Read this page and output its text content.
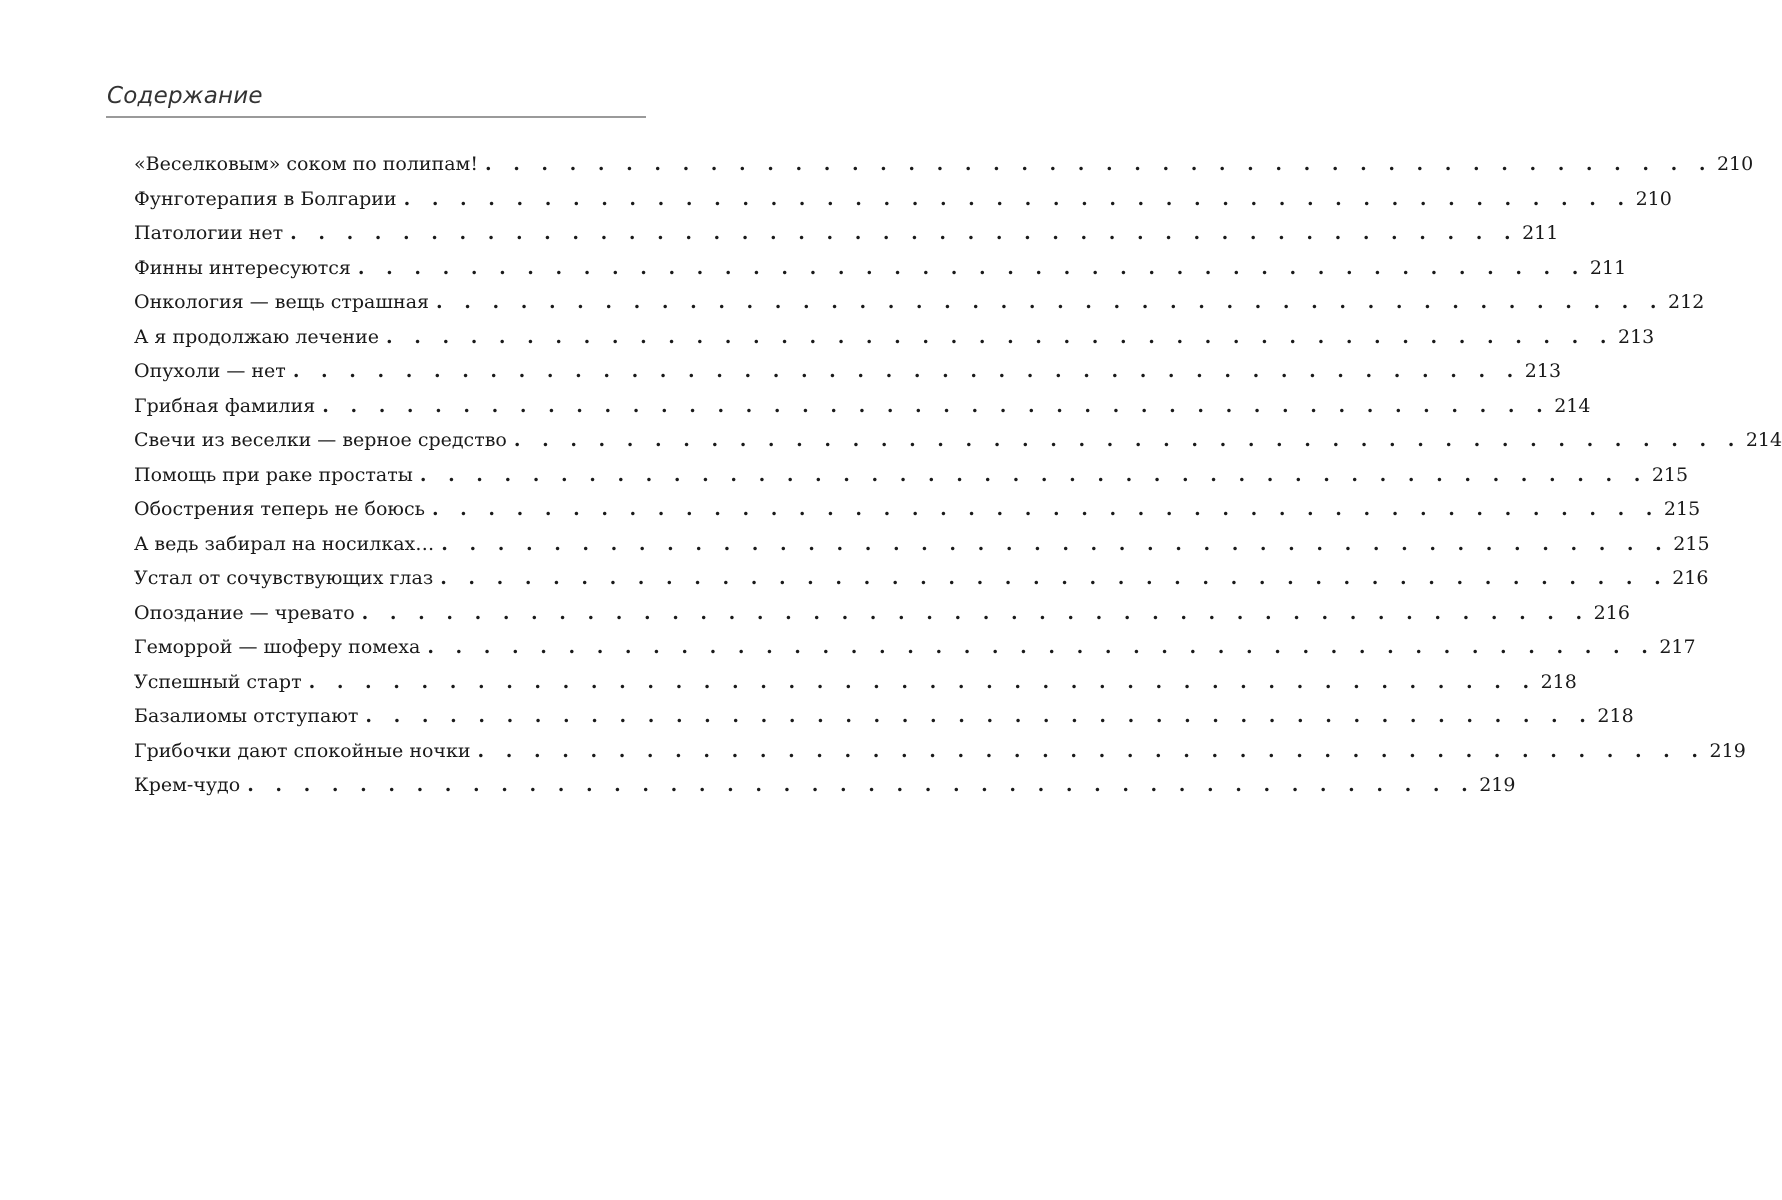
Содержание
«Веселковым» соком по полипам! . . . . . . . . . . . . . . . . . . . . . . . . . . . . . . . . . . . . . . . . . . . . 210
Фунготерапия в Болгарии . . . . . . . . . . . . . . . . . . . . . . . . . . . . . . . . . . . . . . . . . . . . 210
Патологии нет . . . . . . . . . . . . . . . . . . . . . . . . . . . . . . . . . . . . . . . . . . . . 211
Финны интересуются . . . . . . . . . . . . . . . . . . . . . . . . . . . . . . . . . . . . . . . . . . . . 211
Онкология — вещь страшная . . . . . . . . . . . . . . . . . . . . . . . . . . . . . . . . . . . . . . . . . . . . 212
А я продолжаю лечение . . . . . . . . . . . . . . . . . . . . . . . . . . . . . . . . . . . . . . . . . . . . 213
Опухоли — нет . . . . . . . . . . . . . . . . . . . . . . . . . . . . . . . . . . . . . . . . . . . . 213
Грибная фамилия . . . . . . . . . . . . . . . . . . . . . . . . . . . . . . . . . . . . . . . . . . . . 214
Свечи из веселки — верное средство . . . . . . . . . . . . . . . . . . . . . . . . . . . . . . . . . . . . . . . . . . . . 214
Помощь при раке простаты . . . . . . . . . . . . . . . . . . . . . . . . . . . . . . . . . . . . . . . . . . . . 215
Обострения теперь не боюсь . . . . . . . . . . . . . . . . . . . . . . . . . . . . . . . . . . . . . . . . . . . . 215
А ведь забирал на носилках… . . . . . . . . . . . . . . . . . . . . . . . . . . . . . . . . . . . . . . . . . . . . 215
Устал от сочувствующих глаз . . . . . . . . . . . . . . . . . . . . . . . . . . . . . . . . . . . . . . . . . . . . 216
Опоздание — чревато . . . . . . . . . . . . . . . . . . . . . . . . . . . . . . . . . . . . . . . . . . . . 216
Геморрой — шоферу помеха . . . . . . . . . . . . . . . . . . . . . . . . . . . . . . . . . . . . . . . . . . . . 217
Успешный старт . . . . . . . . . . . . . . . . . . . . . . . . . . . . . . . . . . . . . . . . . . . . 218
Базалиомы отступают . . . . . . . . . . . . . . . . . . . . . . . . . . . . . . . . . . . . . . . . . . . . 218
Грибочки дают спокойные ночки . . . . . . . . . . . . . . . . . . . . . . . . . . . . . . . . . . . . . . . . . . . . 219
Крем-чудо . . . . . . . . . . . . . . . . . . . . . . . . . . . . . . . . . . . . . . . . . . . . 219
